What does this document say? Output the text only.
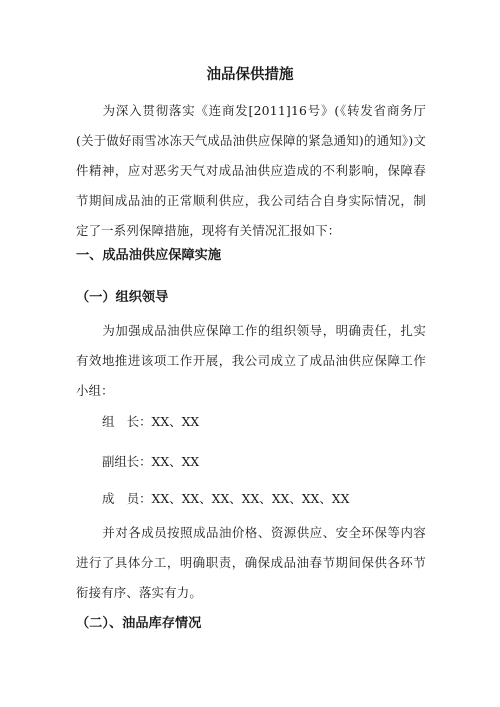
油品保供措施
为深入贯彻落实《连商发[2011]16号》(《转发省商务厅(关于做好雨雪冰冻天气成品油供应保障的紧急通知)的通知》)文件精神，应对恶劣天气对成品油供应造成的不利影响，保障春节期间成品油的正常顺利供应，我公司结合自身实际情况，制定了一系列保障措施，现将有关情况汇报如下：
一、成品油供应保障实施
（一）组织领导
为加强成品油供应保障工作的组织领导，明确责任，扎实有效地推进该项工作开展，我公司成立了成品油供应保障工作小组：
组　长：XX、XX
副组长：XX、XX
成　员：XX、XX、XX、XX、XX、XX、XX
并对各成员按照成品油价格、资源供应、安全环保等内容进行了具体分工，明确职责，确保成品油春节期间保供各环节衔接有序、落实有力。
（二）、油品库存情况
